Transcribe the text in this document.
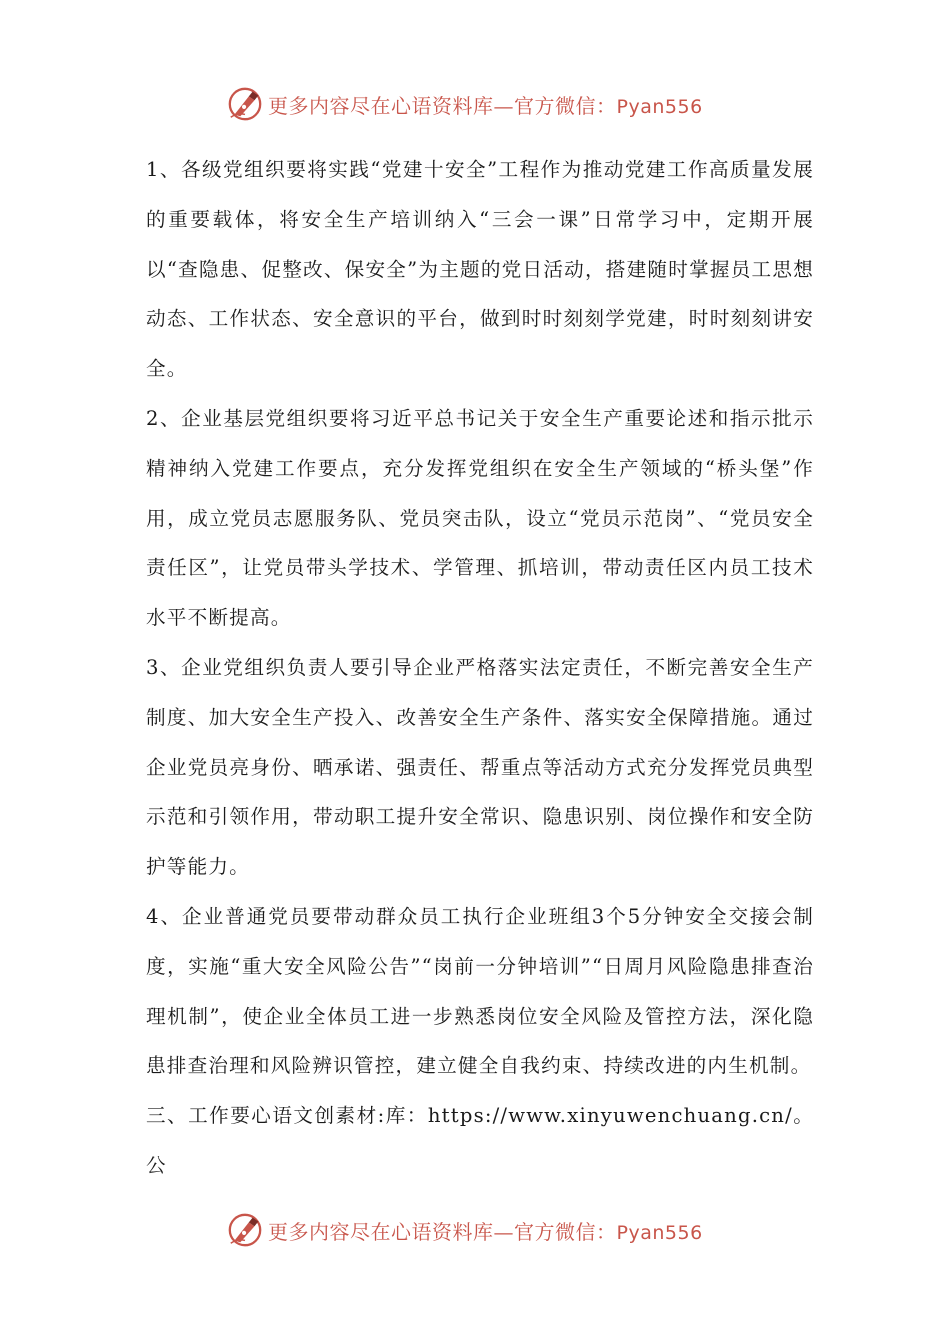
更多内容尽在心语资料库—官方微信：Pyan556

1、各级党组织要将实践“党建十安全”工程作为推动党建工作高质量发展的重要载体，将安全生产培训纳入“三会一课”日常学习中，定期开展以“查隐患、促整改、保安全”为主题的党日活动，搭建随时掌握员工思想动态、工作状态、安全意识的平台，做到时时刻刻学党建，时时刻刻讲安全。

2、企业基层党组织要将习近平总书记关于安全生产重要论述和指示批示精神纳入党建工作要点，充分发挥党组织在安全生产领域的“桥头堡”作用，成立党员志愿服务队、党员突击队，设立“党员示范岗”、“党员安全责任区”，让党员带头学技术、学管理、抓培训，带动责任区内员工技术水平不断提高。

3、企业党组织负责人要引导企业严格落实法定责任，不断完善安全生产制度、加大安全生产投入、改善安全生产条件、落实安全保障措施。通过企业党员亮身份、晒承诺、强责任、帮重点等活动方式充分发挥党员典型示范和引领作用，带动职工提升安全常识、隐患识别、岗位操作和安全防护等能力。

4、企业普通党员要带动群众员工执行企业班组3个5分钟安全交接会制度，实施“重大安全风险公告”“岗前一分钟培训”“日周月风险隐患排查治理机制”，使企业全体员工进一步熟悉岗位安全风险及管控方法，深化隐患排查治理和风险辨识管控，建立健全自我约束、持续改进的内生机制。

三、工作要心语文创素材:库：https://www.xinyuwenchuang.cn/。公

更多内容尽在心语资料库—官方微信：Pyan556
